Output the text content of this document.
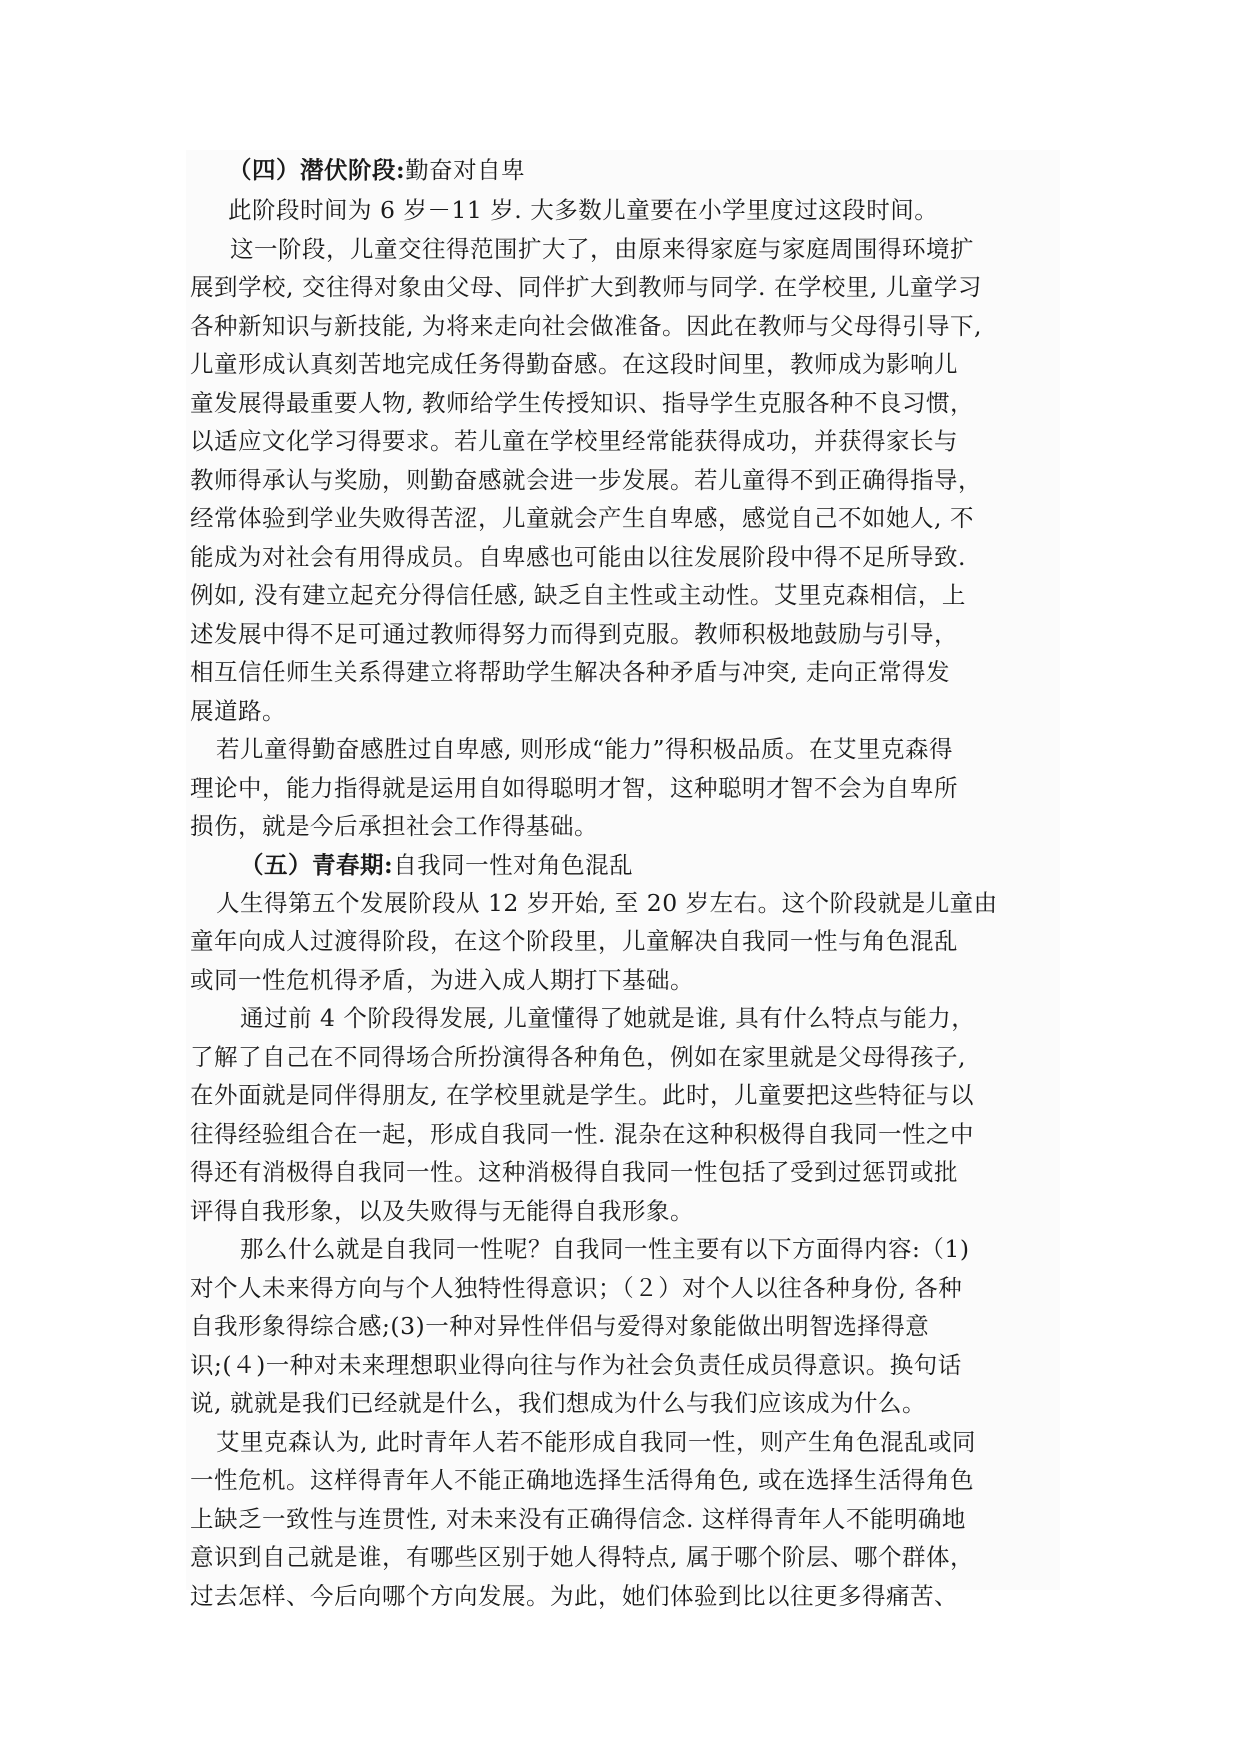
（四）潜伏阶段:勤奋对自卑
此阶段时间为 6 岁－11 岁. 大多数儿童要在小学里度过这段时间。
这一阶段，儿童交往得范围扩大了，由原来得家庭与家庭周围得环境扩
展到学校, 交往得对象由父母、同伴扩大到教师与同学. 在学校里, 儿童学习
各种新知识与新技能, 为将来走向社会做准备。因此在教师与父母得引导下,
儿童形成认真刻苦地完成任务得勤奋感。在这段时间里，教师成为影响儿
童发展得最重要人物, 教师给学生传授知识、指导学生克服各种不良习惯，
以适应文化学习得要求。若儿童在学校里经常能获得成功，并获得家长与
教师得承认与奖励，则勤奋感就会进一步发展。若儿童得不到正确得指导，
经常体验到学业失败得苦涩，儿童就会产生自卑感，感觉自己不如她人, 不
能成为对社会有用得成员。自卑感也可能由以往发展阶段中得不足所导致.
例如, 没有建立起充分得信任感, 缺乏自主性或主动性。艾里克森相信，上
述发展中得不足可通过教师得努力而得到克服。教师积极地鼓励与引导，
相互信任师生关系得建立将帮助学生解决各种矛盾与冲突, 走向正常得发
展道路。
若儿童得勤奋感胜过自卑感, 则形成“能力”得积极品质。在艾里克森得
理论中，能力指得就是运用自如得聪明才智，这种聪明才智不会为自卑所
损伤，就是今后承担社会工作得基础。
（五）青春期:自我同一性对角色混乱
人生得第五个发展阶段从 12 岁开始, 至 20 岁左右。这个阶段就是儿童由
童年向成人过渡得阶段，在这个阶段里，儿童解决自我同一性与角色混乱
或同一性危机得矛盾，为进入成人期打下基础。
通过前 4 个阶段得发展, 儿童懂得了她就是谁, 具有什么特点与能力，
了解了自己在不同得场合所扮演得各种角色，例如在家里就是父母得孩子,
在外面就是同伴得朋友, 在学校里就是学生。此时，儿童要把这些特征与以
往得经验组合在一起，形成自我同一性. 混杂在这种积极得自我同一性之中
得还有消极得自我同一性。这种消极得自我同一性包括了受到过惩罚或批
评得自我形象，以及失败得与无能得自我形象。
那么什么就是自我同一性呢？自我同一性主要有以下方面得内容:（1)
对个人未来得方向与个人独特性得意识；（２）对个人以往各种身份, 各种
自我形象得综合感;(3)一种对异性伴侣与爱得对象能做出明智选择得意
识;(４)一种对未来理想职业得向往与作为社会负责任成员得意识。换句话
说, 就就是我们已经就是什么，我们想成为什么与我们应该成为什么。
艾里克森认为, 此时青年人若不能形成自我同一性，则产生角色混乱或同
一性危机。这样得青年人不能正确地选择生活得角色, 或在选择生活得角色
上缺乏一致性与连贯性, 对未来没有正确得信念. 这样得青年人不能明确地
意识到自己就是谁，有哪些区别于她人得特点, 属于哪个阶层、哪个群体，
过去怎样、今后向哪个方向发展。为此，她们体验到比以往更多得痛苦、
